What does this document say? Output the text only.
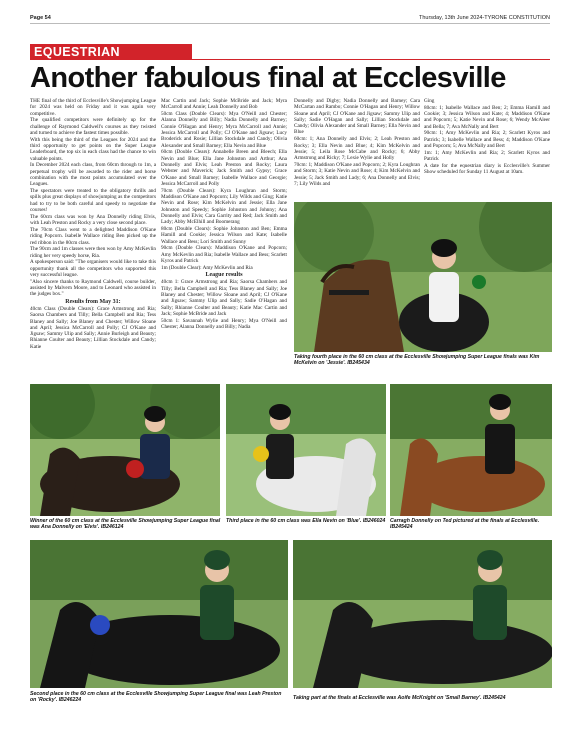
Page 54	Thursday, 13th June 2024-TYRONE CONSTITUTION
EQUESTRIAN
Another fabulous final at Ecclesville

THE final of the third of Ecclesville's Showjumping League for 2024 was held on Friday and it was again very competitive.

The qualified competitors were definitely up for the challenge of Raymond Caldwell's courses as they twisted and turned to achieve the fastest times possible.

With this being the third of the Leagues for 2024 and the third opportunity to get points on the Super League Leaderboard, the top six in each class had the chance to win valuable points.

In December 2024 each class, from 60cm through to 1m, a perpetual trophy will be awarded to the rider and horse combination with the most points accumulated over the Leagues.

The spectators were treated to the obligatory thrills and spills plus great displays of showjumping as the competitors had to try to be both careful and speedy to negotiate the courses!

The 60cm class was won by Ana Donnelly riding Elvis, with Leah Preston and Rocky a very close second place.

The 70cm Class went to a delighted Maddison O'Kane riding Popcorn. Isabelle Wallace riding Ben picked up the red ribbon in the 80cm class.

The 90cm and 1m classes were then won by Amy McKevlin riding her very speedy horse, Ria.

A spokesperson said: "The organisers would like to take this opportunity thank all the competitors who supported this very successful league.

"Also sincere thanks to Raymond Caldwell, course builder, assisted by Malvern Moore, and to Leonard who assisted in the judges box."

Results from May 31:

40cm Class (Double Clears): Grace Armstrong and Ria; Saorsa Chambers and Tilly; Bella Campbell and Ria; Tess Blaney and Sally; Joe Blaney and Chester; Willow Sloane and April; Jessica McCarroll and Polly; CJ O'Kane and Jigsaw; Sammy Ulip and Sally; Annie Burleigh and Beauty; Rhianne Coulter and Beauty; Lillian Stockdale and Candy; Katie

Mac Cartin and Jack; Sophie McBride and Jack; Myra McCarroll and Annie; Leah Donnelly and Bob

50cm Class (Double Clears): Mya O'Neill and Chester; Alanna Donnelly and Billy; Nadia Donnelly and Barney; Connie O'Hagan and Henry; Myra McCarroll and Annie; Jessica McCarroll and Polly; CJ O'Kane and Jigsaw; Lucy Broderick and Rosie; Lillian Stockdale and Candy; Olivia Alexander and Small Barney; Ella Nevin and Blue

60cm (Double Clears): Annabelle Breen and Bleech; Ella Nevin and Blue; Ella Jane Johnston and Arthur; Ana Donnelly and Elvis; Leah Preston and Rocky; Laura Webster and Maverick; Jack Smith and Gypsy; Grace O'Kane and Small Barney; Isabelle Wallace and Georgie; Jessica McCarroll and Polly

70cm (Double Clears): Kyra Loughran and Storm; Maddison O'Kane and Popcorn; Lily Wilds and Ging; Katie Nevin and Rose; Kim McKelvin and Jessie; Ella Jane Johnston and Speedy; Sophie Johnston and Johnny; Ana Donnelly and Elvis; Cara Garrity and Red; Jack Smith and Lady; Abby McElhill and Boomerang

80cm (Double Clears): Sophie Johnston and Ben; Emma Hamill and Cookie; Jessica Wilson and Kate; Isabelle Wallace and Bess; Lori Smith and Sunny

90cm (Double Clears): Maddison O'Kane and Popcorn; Amy McKevlin and Ria; Isabelle Wallace and Bess; Scarlett Kyros and Patrick

1m (Double Clear): Amy McKevlin and Ria

League results

40cm 1: Grace Armstrong and Ria; Saorsa Chambers and Tilly; Bella Campbell and Ria; Tess Blaney and Sally; Joe Blaney and Chester; Willow Sloane and April; CJ O'Kane and Jigsaw; Sammy Ulip and Sally; Sadie O'Hagan and Sally; Rhianne Coulter and Beauty; Katie Mac Cartin and Jack; Sophie McBride and Jack

50cm 1: Savannah Wylie and Henry; Mya O'Neill and Chester; Alanna Donnelly and Billy; Nadia

Donnelly and Digby; Nadia Donnelly and Barney; Cara McCartan and Rambo; Connie O'Hagan and Henry; Willow Sloane and April; CJ O'Kane and Jigsaw; Sammy Ulip and Sally; Sadie O'Hagan and Sally; Lillian Stockdale and Candy; Olivia Alexander and Small Barney; Ella Nevin and Blue

60cm: 1; Ana Donnelly and Elvis; 2; Leah Preston and Rocky; 3; Ella Nevin and Blue; 4; Kim McKelvin and Jessie; 5; Leila Rose McCabe and Rocky; 6; Abby Armstrong and Ricky; 7; Lexie Wylie and Holly

70cm: 1; Maddison O'Kane and Popcorn; 2; Kyra Loughran and Storm; 3; Katie Nevin and Rose; 4; Kim McKelvin and Jessie; 5; Jack Smith and Lady; 6; Ana Donnelly and Elvis; 7; Lily Wilds and

Ging

80cm: 1; Isabelle Wallace and Ben; 2; Emma Hamill and Cookie; 3; Jessica Wilson and Kate; 4; Maddison O'Kane and Popcorn; 5; Katie Nevin and Rose; 6; Wendy McAleer and Bella; 7; Ava McNally and Bert

90cm: 1; Amy McKevlin and Ria; 2; Scarlett Kyros and Patrick; 3; Isabelle Wallace and Bess; 4; Maddison O'Kane and Popcorn; 5; Ava McNally and Bert

1m: 1; Amy McKevlin and Ria; 2; Scarlett Kyros and Patrick

A date for the equestrian diary is Ecclesville's Summer Show scheduled for Sunday 11 August at 10am.

Taking fourth place in the 60 cm class at the Ecclesville Showjumping Super League finals was Kim McKelvin on 'Jessie'. IB245434
Winner of the 60 cm class at the Ecclesville Showjumping Super League final was Ana Donnelly on 'Elvis'. IB246124
Third place in the 60 cm class was Ella Nevin on 'Blue'. IB246024 Carragh Donnelly on Ted pictured at the finals at Ecclesville. IB245424
Second place in the 60 cm class at the Ecclesville Showjumping Super League final was Leah Preston on 'Rocky'. IB246224	Taking part at the finals at Ecclesville was Aoife McKnight on 'Small Barney'. IB245424
